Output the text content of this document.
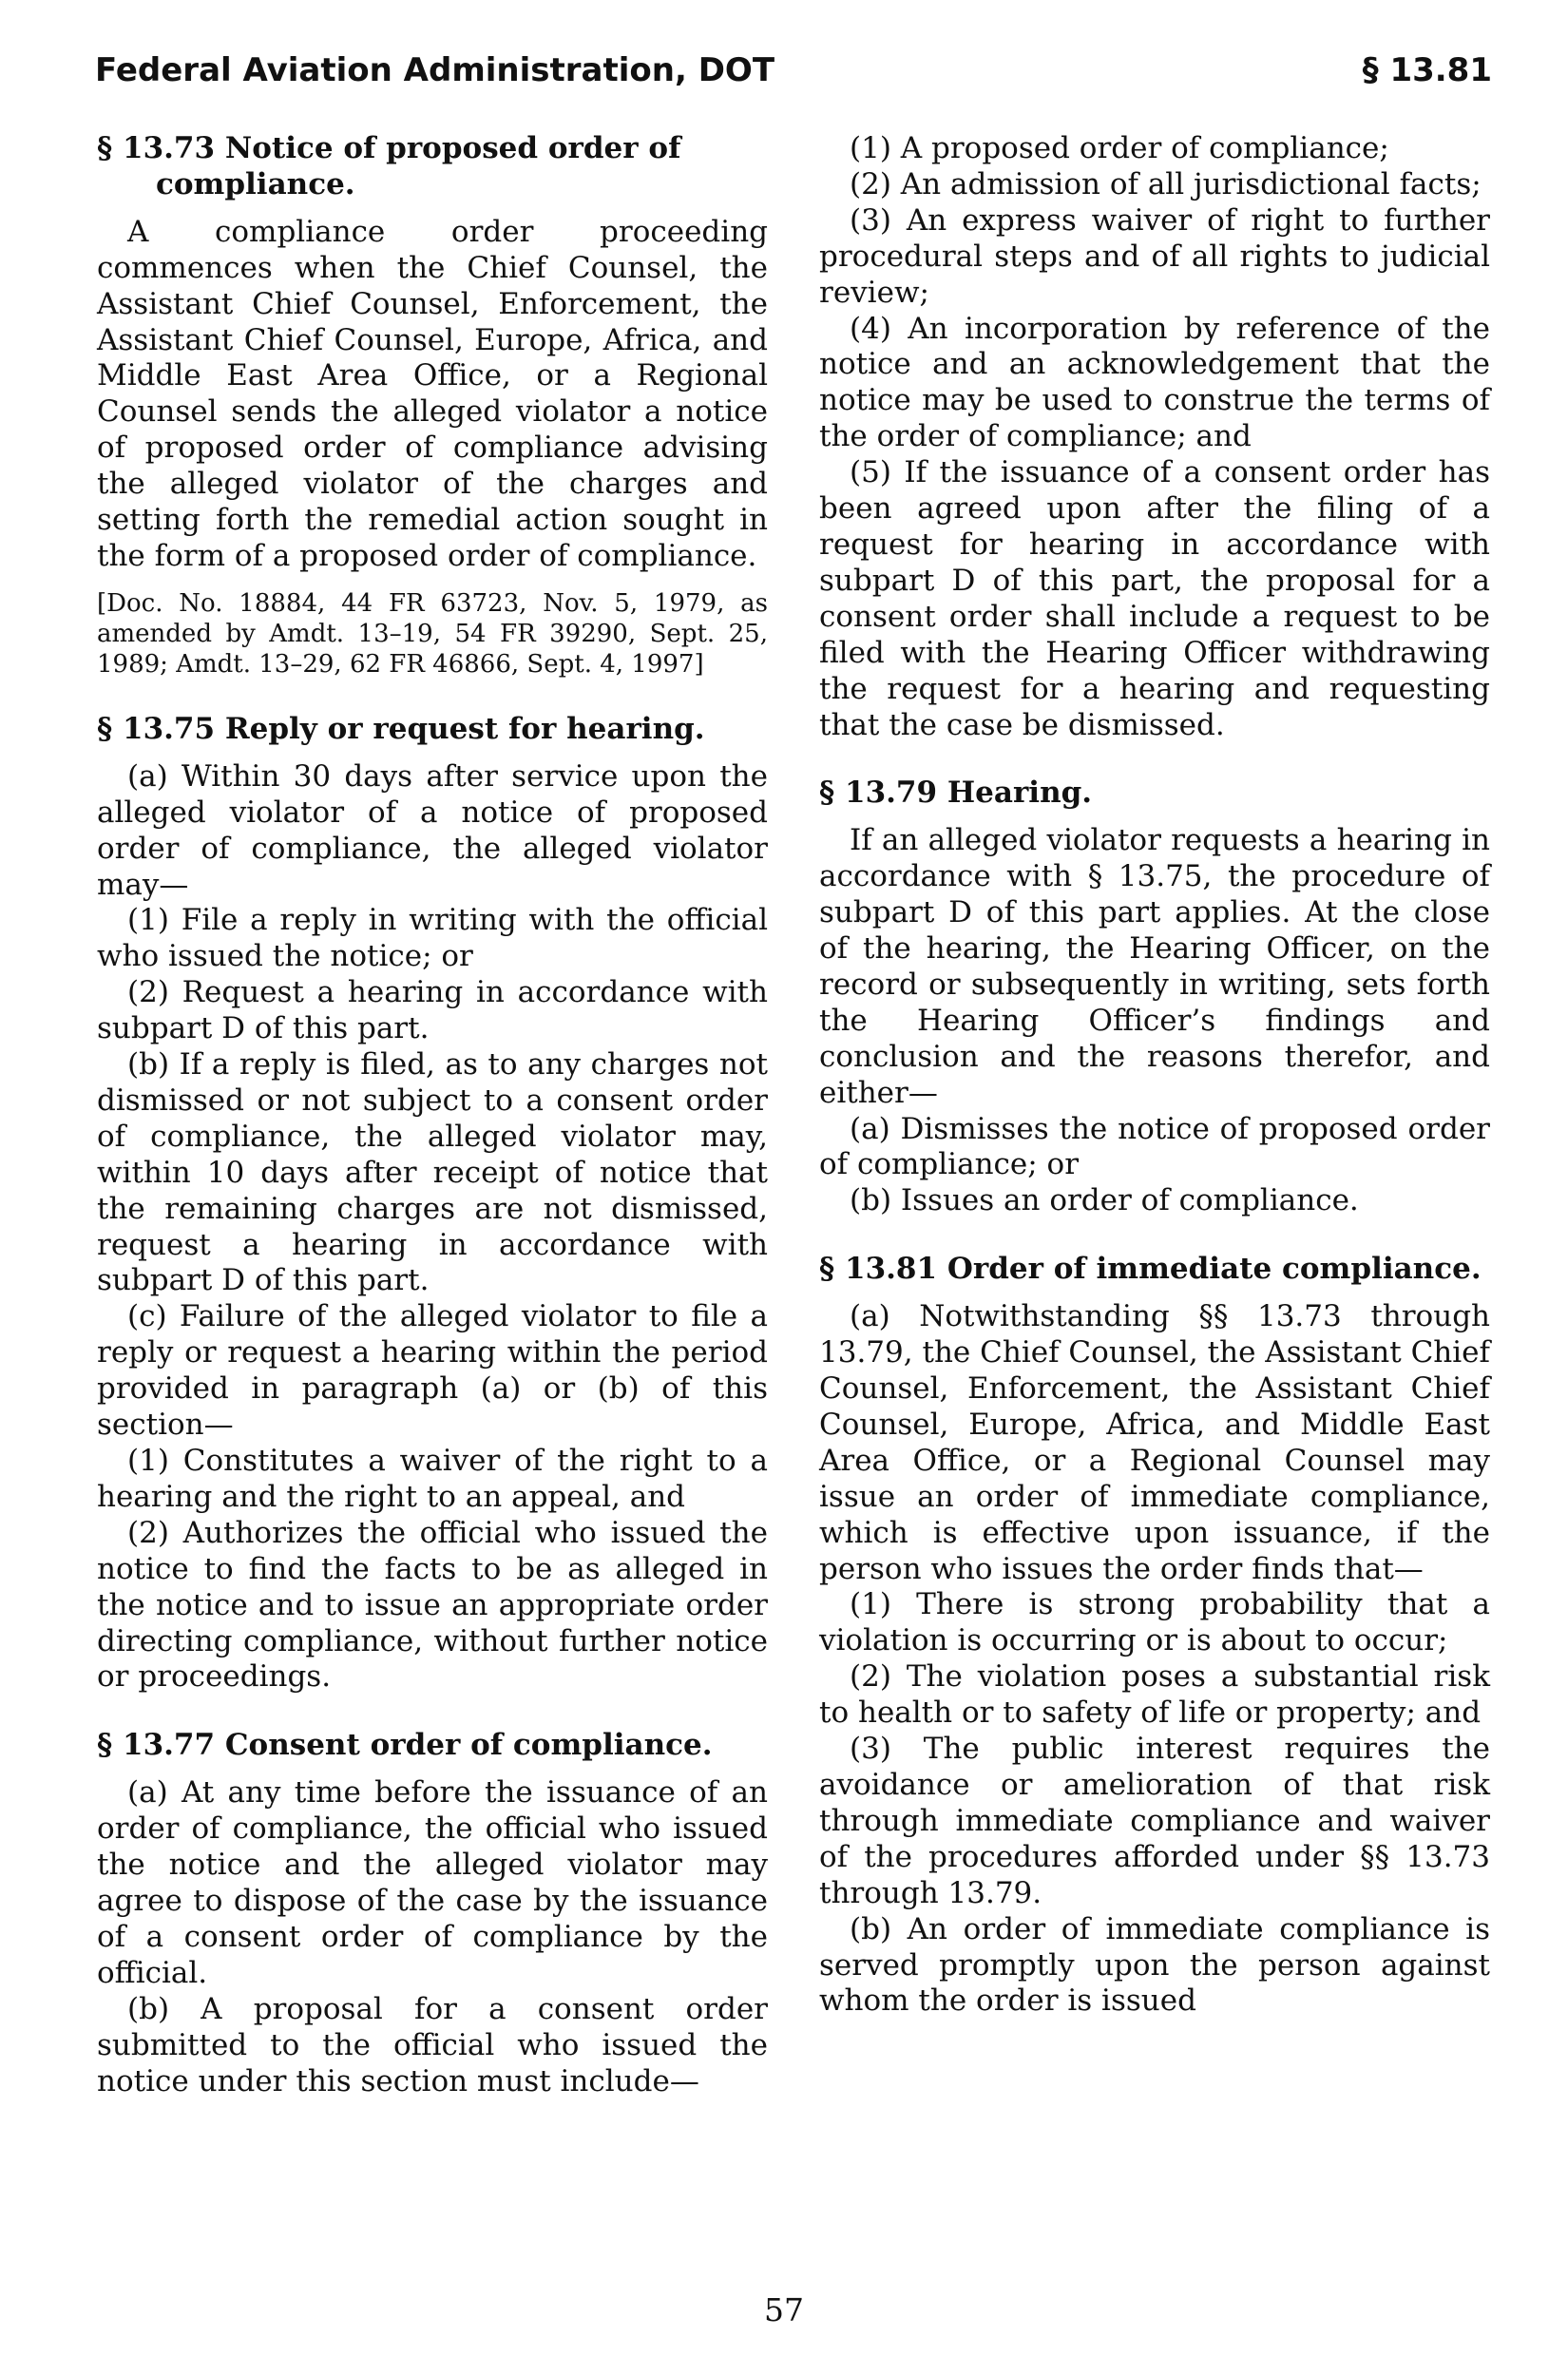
Federal Aviation Administration, DOT	§ 13.81

§ 13.73 Notice of proposed order of compliance.

A compliance order proceeding commences when the Chief Counsel, the Assistant Chief Counsel, Enforcement, the Assistant Chief Counsel, Europe, Africa, and Middle East Area Office, or a Regional Counsel sends the alleged violator a notice of proposed order of compliance advising the alleged violator of the charges and setting forth the remedial action sought in the form of a proposed order of compliance.

[Doc. No. 18884, 44 FR 63723, Nov. 5, 1979, as amended by Amdt. 13–19, 54 FR 39290, Sept. 25, 1989; Amdt. 13–29, 62 FR 46866, Sept. 4, 1997]

§ 13.75 Reply or request for hearing.

(a) Within 30 days after service upon the alleged violator of a notice of proposed order of compliance, the alleged violator may—

(1) File a reply in writing with the official who issued the notice; or

(2) Request a hearing in accordance with subpart D of this part.

(b) If a reply is filed, as to any charges not dismissed or not subject to a consent order of compliance, the alleged violator may, within 10 days after receipt of notice that the remaining charges are not dismissed, request a hearing in accordance with subpart D of this part.

(c) Failure of the alleged violator to file a reply or request a hearing within the period provided in paragraph (a) or (b) of this section—

(1) Constitutes a waiver of the right to a hearing and the right to an appeal, and

(2) Authorizes the official who issued the notice to find the facts to be as alleged in the notice and to issue an appropriate order directing compliance, without further notice or proceedings.

§ 13.77 Consent order of compliance.

(a) At any time before the issuance of an order of compliance, the official who issued the notice and the alleged violator may agree to dispose of the case by the issuance of a consent order of compliance by the official.

(b) A proposal for a consent order submitted to the official who issued the notice under this section must include—

(1) A proposed order of compliance;

(2) An admission of all jurisdictional facts;

(3) An express waiver of right to further procedural steps and of all rights to judicial review;

(4) An incorporation by reference of the notice and an acknowledgement that the notice may be used to construe the terms of the order of compliance; and

(5) If the issuance of a consent order has been agreed upon after the filing of a request for hearing in accordance with subpart D of this part, the proposal for a consent order shall include a request to be filed with the Hearing Officer withdrawing the request for a hearing and requesting that the case be dismissed.

§ 13.79 Hearing.

If an alleged violator requests a hearing in accordance with § 13.75, the procedure of subpart D of this part applies. At the close of the hearing, the Hearing Officer, on the record or subsequently in writing, sets forth the Hearing Officer’s findings and conclusion and the reasons therefor, and either—

(a) Dismisses the notice of proposed order of compliance; or

(b) Issues an order of compliance.

§ 13.81 Order of immediate compliance.

(a) Notwithstanding §§ 13.73 through 13.79, the Chief Counsel, the Assistant Chief Counsel, Enforcement, the Assistant Chief Counsel, Europe, Africa, and Middle East Area Office, or a Regional Counsel may issue an order of immediate compliance, which is effective upon issuance, if the person who issues the order finds that—

(1) There is strong probability that a violation is occurring or is about to occur;

(2) The violation poses a substantial risk to health or to safety of life or property; and

(3) The public interest requires the avoidance or amelioration of that risk through immediate compliance and waiver of the procedures afforded under §§ 13.73 through 13.79.

(b) An order of immediate compliance is served promptly upon the person against whom the order is issued

57
